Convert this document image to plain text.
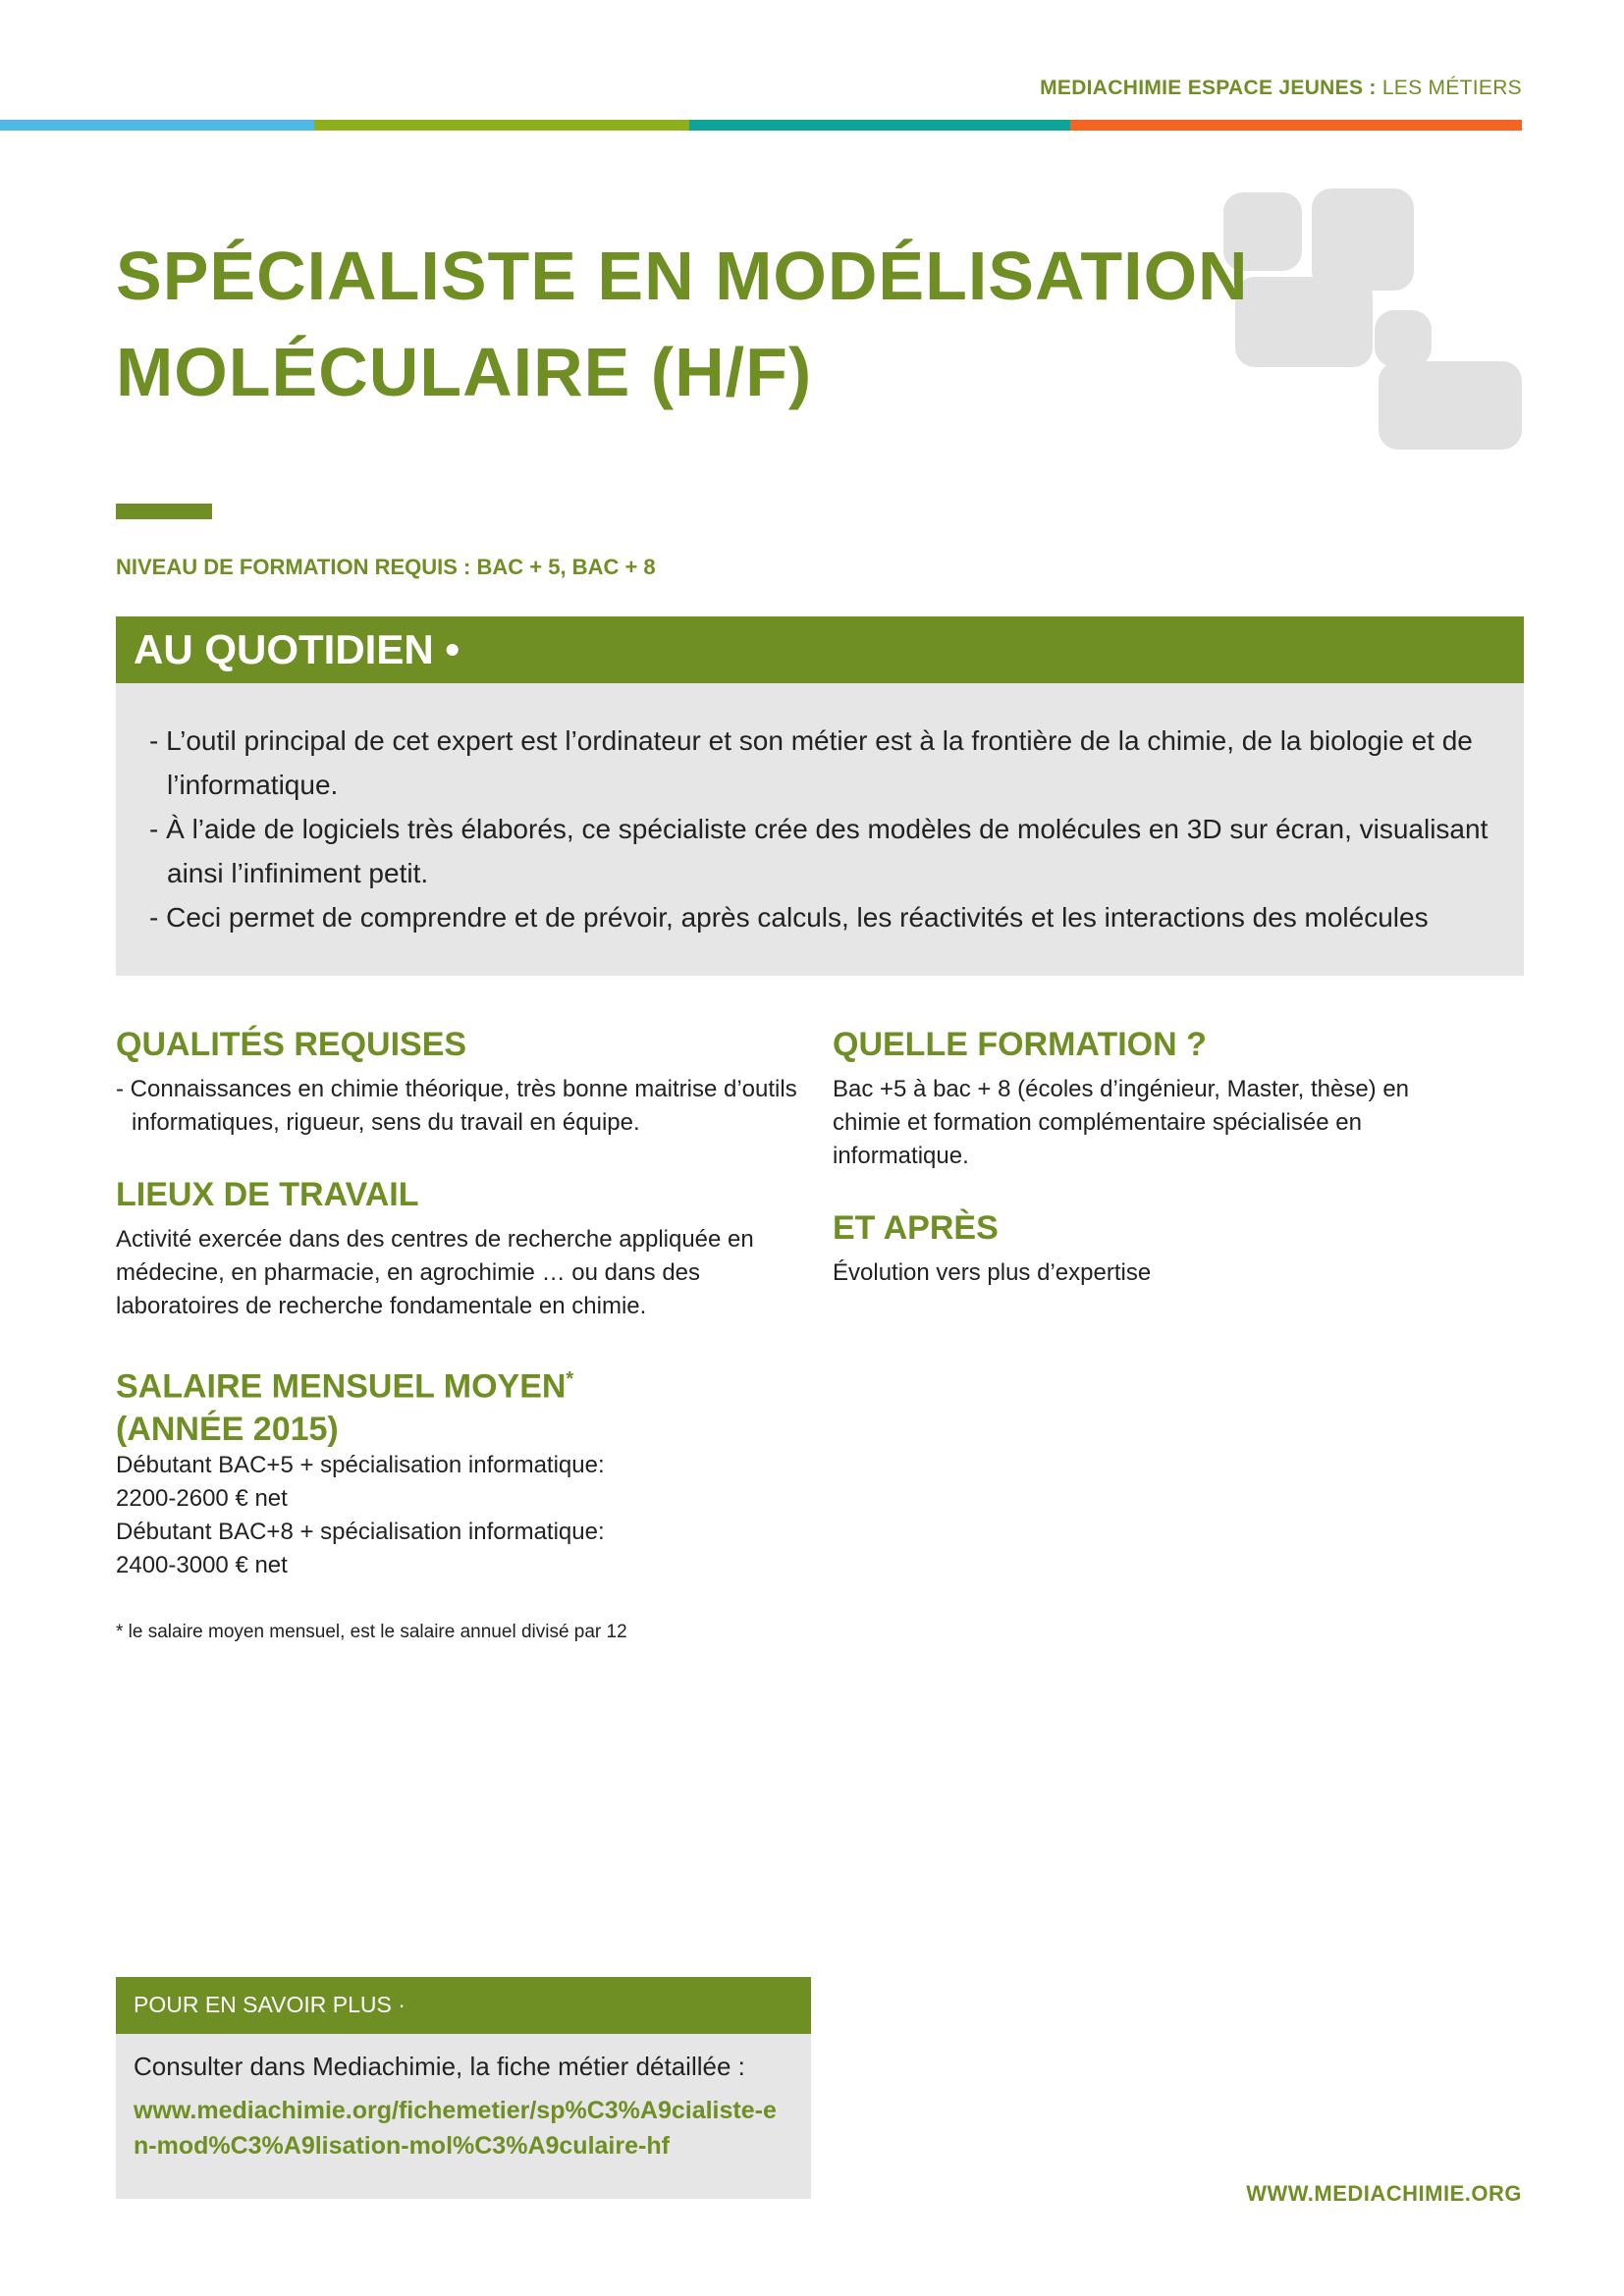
MEDIACHIMIE ESPACE JEUNES : LES MÉTIERS
SPÉCIALISTE EN MODÉLISATION
MOLÉCULAIRE (H/F)
NIVEAU DE FORMATION REQUIS : BAC + 5, BAC + 8
AU QUOTIDIEN •
- L’outil principal de cet expert est l’ordinateur et son métier est à la frontière de la chimie, de la biologie et de l’informatique.
- À l’aide de logiciels très élaborés, ce spécialiste crée des modèles de molécules en 3D sur écran, visualisant ainsi l’infiniment petit.
- Ceci permet de comprendre et de prévoir, après calculs, les réactivités et les interactions des molécules
QUALITÉS REQUISES

- Connaissances en chimie théorique, très bonne maitrise d’outils informatiques, rigueur, sens du travail en équipe.

LIEUX DE TRAVAIL

Activité exercée dans des centres de recherche appliquée en médecine, en pharmacie, en agrochimie … ou dans des laboratoires de recherche fondamentale en chimie.

SALAIRE MENSUEL MOYEN*
(ANNÉE 2015)

Débutant BAC+5 + spécialisation informatique:
2200-2600 € net
Débutant BAC+8 + spécialisation informatique:
2400-3000 € net

* le salaire moyen mensuel, est le salaire annuel divisé par 12
QUELLE FORMATION ?

Bac +5 à bac + 8 (écoles d’ingénieur, Master, thèse) en chimie et formation complémentaire spécialisée en informatique.

ET APRÈS

Évolution vers plus d’expertise

POUR EN SAVOIR PLUS ·
Consulter dans Mediachimie, la fiche métier détaillée :
www.mediachimie.org/fichemetier/sp%C3%A9cialiste-en-mod%C3%A9lisation-mol%C3%A9culaire-hf
WWW.MEDIACHIMIE.ORG
